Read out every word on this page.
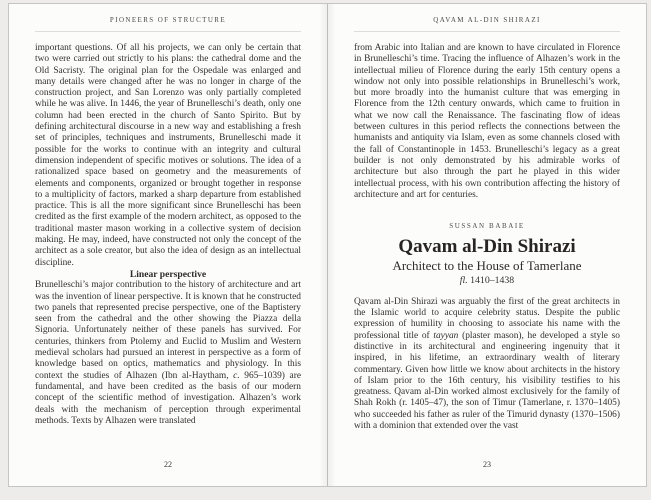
PIONEERS OF STRUCTURE

important questions. Of all his projects, we can only be certain that two were carried out strictly to his plans: the cathedral dome and the Old Sacristy. The original plan for the Ospedale was enlarged and many details were changed after he was no longer in charge of the construction project, and San Lorenzo was only partially completed while he was alive. In 1446, the year of Brunelleschi’s death, only one column had been erected in the church of Santo Spirito. But by defining architectural discourse in a new way and establishing a fresh set of principles, techniques and instruments, Brunelleschi made it possible for the works to continue with an integrity and cultural dimension independent of specific motives or solutions. The idea of a rationalized space based on geometry and the measurements of elements and components, organized or brought together in response to a multiplicity of factors, marked a sharp departure from established practice. This is all the more significant since Brunelleschi has been credited as the first example of the modern architect, as opposed to the traditional master mason working in a collective system of decision making. He may, indeed, have constructed not only the concept of the architect as a sole creator, but also the idea of design as an intellectual discipline.

Linear perspective

Brunelleschi’s major contribution to the history of architecture and art was the invention of linear perspective. It is known that he constructed two panels that represented precise perspective, one of the Baptistery seen from the cathedral and the other showing the Piazza della Signoria. Unfortunately neither of these panels has survived. For centuries, thinkers from Ptolemy and Euclid to Muslim and Western medieval scholars had pursued an interest in perspective as a form of knowledge based on optics, mathematics and physiology. In this context the studies of Alhazen (Ibn al-Haytham, c. 965–1039) are fundamental, and have been credited as the basis of our modern concept of the scientific method of investigation. Alhazen’s work deals with the mechanism of perception through experimental methods. Texts by Alhazen were translated

22
QAVAM AL-DIN SHIRAZI

from Arabic into Italian and are known to have circulated in Florence in Brunelleschi’s time. Tracing the influence of Alhazen’s work in the intellectual milieu of Florence during the early 15th century opens a window not only into possible relationships in Brunelleschi’s work, but more broadly into the humanist culture that was emerging in Florence from the 12th century onwards, which came to fruition in what we now call the Renaissance. The fascinating flow of ideas between cultures in this period reflects the connections between the humanists and antiquity via Islam, even as some channels closed with the fall of Constantinople in 1453. Brunelleschi’s legacy as a great builder is not only demonstrated by his admirable works of architecture but also through the part he played in this wider intellectual process, with his own contribution affecting the history of architecture and art for centuries.

SUSSAN BABAIE
Qavam al-Din Shirazi
Architect to the House of Tamerlane
fl. 1410–1438

Qavam al-Din Shirazi was arguably the first of the great architects in the Islamic world to acquire celebrity status. Despite the public expression of humility in choosing to associate his name with the professional title of tayyan (plaster mason), he developed a style so distinctive in its architectural and engineering ingenuity that it inspired, in his lifetime, an extraordinary wealth of literary commentary. Given how little we know about architects in the history of Islam prior to the 16th century, his visibility testifies to his greatness. Qavam al-Din worked almost exclusively for the family of Shah Rokh (r. 1405–47), the son of Timur (Tamerlane, r. 1370–1405) who succeeded his father as ruler of the Timurid dynasty (1370–1506) with a dominion that extended over the vast

23
